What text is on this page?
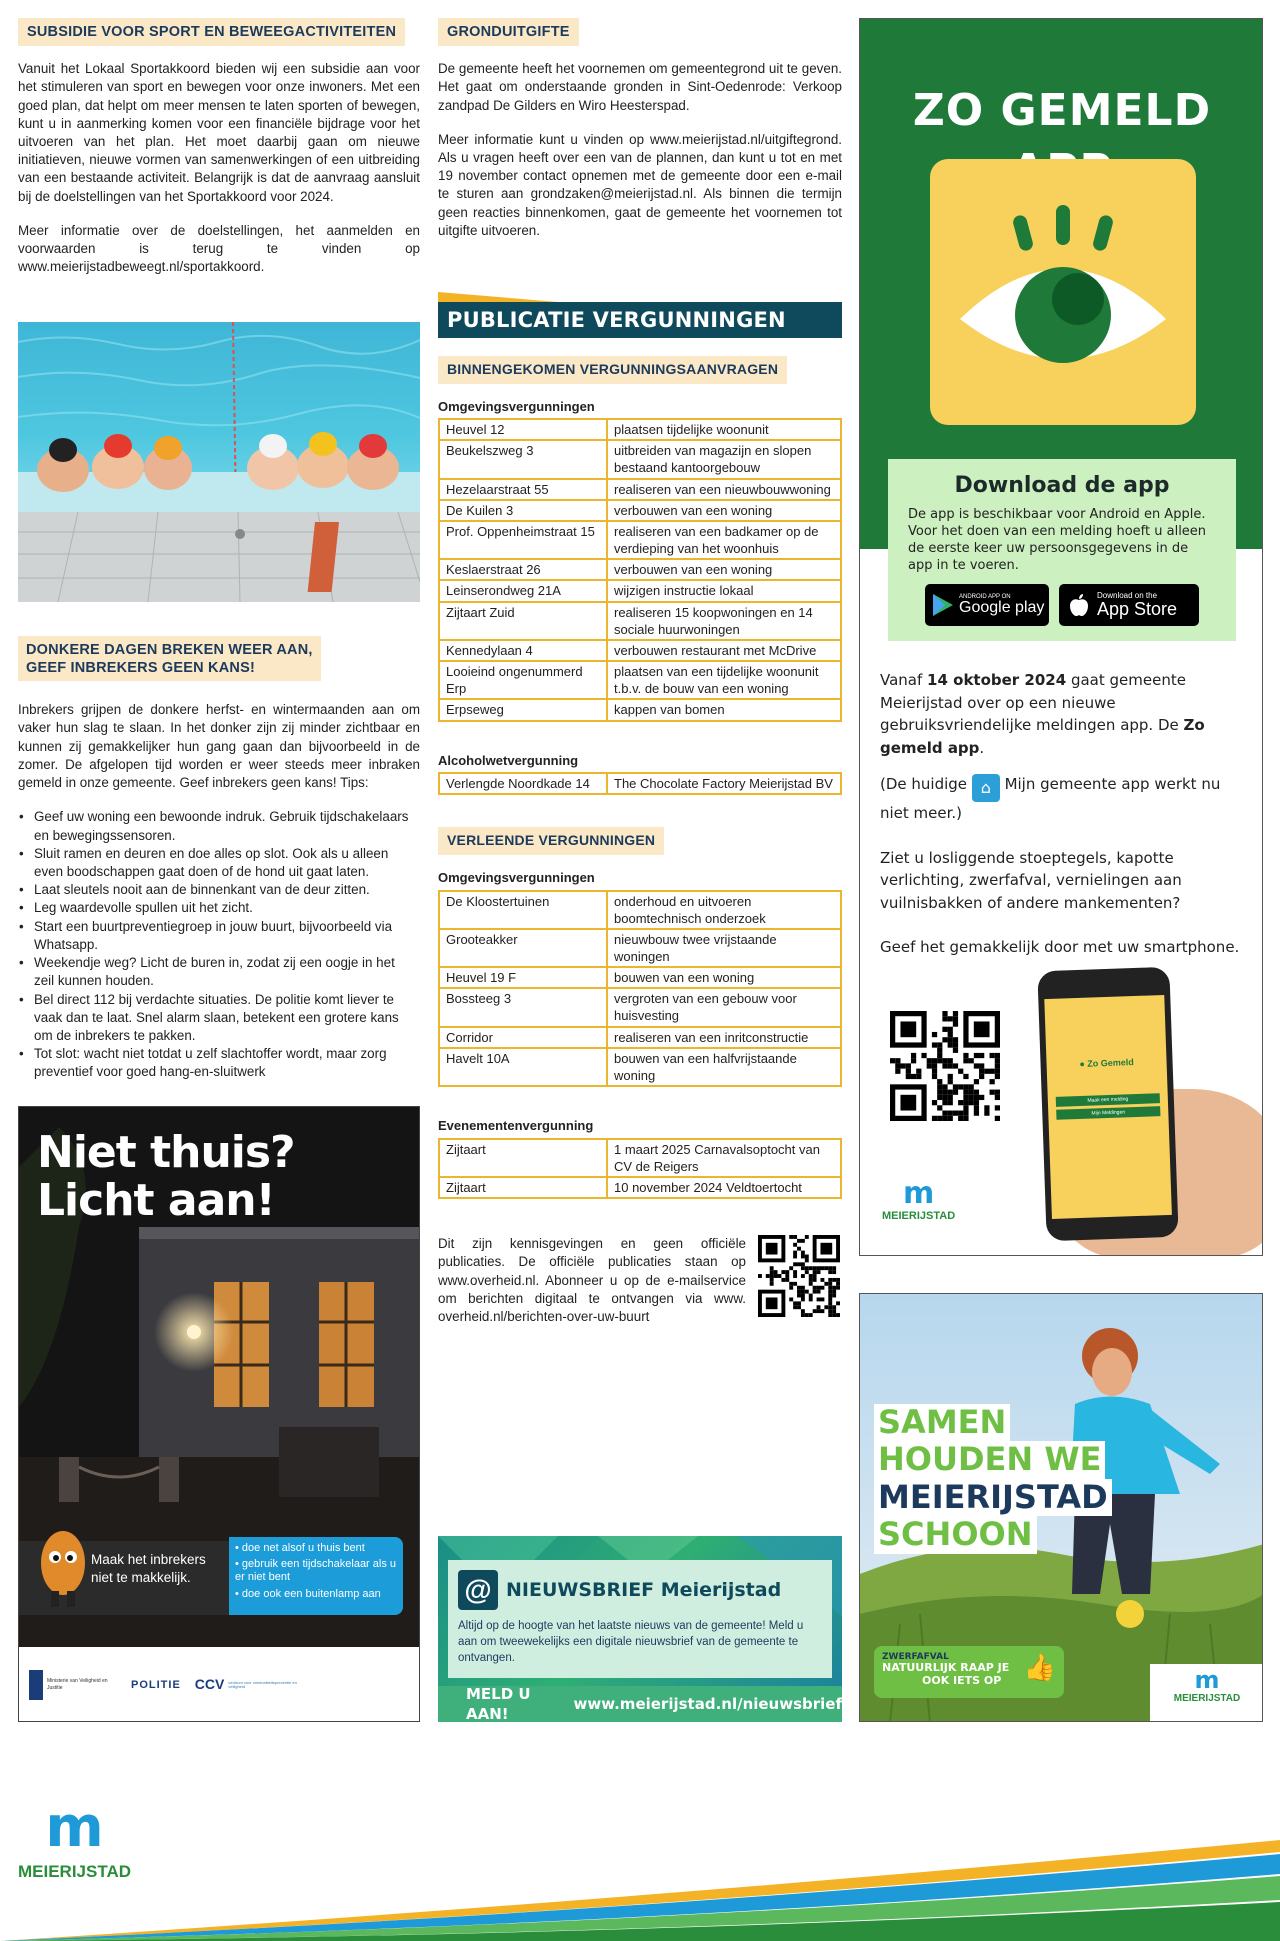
SUBSIDIE VOOR SPORT EN BEWEEGACTIVITEITEN
Vanuit het Lokaal Sportakkoord bieden wij een subsidie aan voor het stimuleren van sport en bewegen voor onze inwoners. Met een goed plan, dat helpt om meer mensen te laten sporten of bewegen, kunt u in aanmerking komen voor een financiële bijdrage voor het uitvoeren van het plan. Het moet daarbij gaan om nieuwe initiatieven, nieuwe vormen van samenwerkingen of een uitbreiding van een bestaande activiteit. Belangrijk is dat de aanvraag aansluit bij de doelstellingen van het Sportakkoord voor 2024.
Meer informatie over de doelstellingen, het aanmelden en voorwaarden is terug te vinden op www.meierijstadbeweegt.nl/sportakkoord.
DONKERE DAGEN BREKEN WEER AAN,
GEEF INBREKERS GEEN KANS!
Inbrekers grijpen de donkere herfst- en wintermaanden aan om vaker hun slag te slaan. In het donker zijn zij minder zichtbaar en kunnen zij gemakkelijker hun gang gaan dan bijvoorbeeld in de zomer. De afgelopen tijd worden er weer steeds meer inbraken gemeld in onze gemeente. Geef inbrekers geen kans! Tips:
• Geef uw woning een bewoonde indruk. Gebruik tijdschakelaars en bewegingssensoren.
• Sluit ramen en deuren en doe alles op slot. Ook als u alleen even boodschappen gaat doen of de hond uit gaat laten.
• Laat sleutels nooit aan de binnenkant van de deur zitten.
• Leg waardevolle spullen uit het zicht.
• Start een buurtpreventiegroep in jouw buurt, bijvoorbeeld via Whatsapp.
• Weekendje weg? Licht de buren in, zodat zij een oogje in het zeil kunnen houden.
• Bel direct 112 bij verdachte situaties. De politie komt liever te vaak dan te laat. Snel alarm slaan, betekent een grotere kans om de inbrekers te pakken.
• Tot slot: wacht niet totdat u zelf slachtoffer wordt, maar zorg preventief voor goed hang-en-sluitwerk
Niet thuis?
Licht aan!
Maak het inbrekers
niet te makkelijk.
• doe net alsof u thuis bent
• gebruik een tijdschakelaar als u er niet bent
• doe ook een buitenlamp aan
Ministerie van Veiligheid en Justitie	POLITIE CCV centrum voor criminaliteitspreventie en veiligheid
GRONDUITGIFTE
De gemeente heeft het voornemen om gemeentegrond uit te geven. Het gaat om onderstaande gronden in Sint-Oedenrode: Verkoop zandpad De Gilders en Wiro Heesterspad.
Meer informatie kunt u vinden op www.meierijstad.nl/uitgiftegrond. Als u vragen heeft over een van de plannen, dan kunt u tot en met 19 november contact opnemen met de gemeente door een e-mail te sturen aan grondzaken@meierijstad.nl. Als binnen die termijn geen reacties binnenkomen, gaat de gemeente het voornemen tot uitgifte uitvoeren.
PUBLICATIE VERGUNNINGEN
BINNENGEKOMEN VERGUNNINGSAANVRAGEN
Omgevingsvergunningen
Heuvel 12	plaatsen tijdelijke woonunit
Beukelszweg 3	uitbreiden van magazijn en slopen bestaand kantoorgebouw
Hezelaarstraat 55	realiseren van een nieuwbouwwoning
De Kuilen 3	verbouwen van een woning
Prof. Oppenheimstraat 15	realiseren van een badkamer op de verdieping van het woonhuis
Keslaerstraat 26	verbouwen van een woning
Leinserondweg 21A	wijzigen instructie lokaal
Zijtaart Zuid	realiseren 15 koopwoningen en 14 sociale huurwoningen
Kennedylaan 4	verbouwen restaurant met McDrive
Looieind ongenummerd Erp	plaatsen van een tijdelijke woonunit t.b.v. de bouw van een woning
Erpseweg	kappen van bomen
Alcoholwetvergunning
Verlengde Noordkade 14	The Chocolate Factory Meierijstad BV
VERLEENDE VERGUNNINGEN
Omgevingsvergunningen
De Kloostertuinen	onderhoud en uitvoeren boomtechnisch onderzoek
Grooteakker	nieuwbouw twee vrijstaande woningen
Heuvel 19 F	bouwen van een woning
Bossteeg 3	vergroten van een gebouw voor huisvesting
Corridor	realiseren van een inritconstructie
Havelt 10A	bouwen van een halfvrijstaande woning
Evenementenvergunning
Zijtaart	1 maart 2025 Carnavalsoptocht van CV de Reigers
Zijtaart	10 november 2024 Veldtoertocht
Dit zijn kennisgevingen en geen officiële publicaties. De officiële publicaties staan op www.overheid.nl. Abonneer u op de e-mailservice om berichten digitaal te ontvangen via www. overheid.nl/berichten-over-uw-buurt
@ NIEUWSBRIEF Meierijstad
Altijd op de hoogte van het laatste nieuws van de gemeente! Meld u aan om tweewekelijks een digitale nieuwsbrief van de gemeente te ontvangen.
MELD U AAN!
www.meierijstad.nl/nieuwsbrief
ZO GEMELD
Download de app
De app is beschikbaar voor Android en Apple. Voor het doen van een melding hoeft u alleen de eerste keer uw persoonsgegevens in de app in te voeren.
ANDROID APP ON
Google play
Download on the
App Store
Vanaf 14 oktober 2024 gaat gemeente Meierijstad over op een nieuwe gebruiksvriendelijke meldingen app. De Zo gemeld app.
(De huidige ⌂ Mijn gemeente app werkt nu niet meer.)
Ziet u losliggende stoeptegels, kapotte verlichting, zwerfafval, vernielingen aan vuilnisbakken of andere mankementen?
Geef het gemakkelijk door met uw smartphone.
● Zo Gemeld
Maak een melding
Mijn Meldingen
m
MEIERIJSTAD
SAMEN
HOUDEN WE
MEIERIJSTAD
SCHOON
ZWERFAFVAL
NATUURLIJK RAAP JE
OOK IETS OP 👍	m
MEIERIJSTAD
m
MEIERIJSTAD
